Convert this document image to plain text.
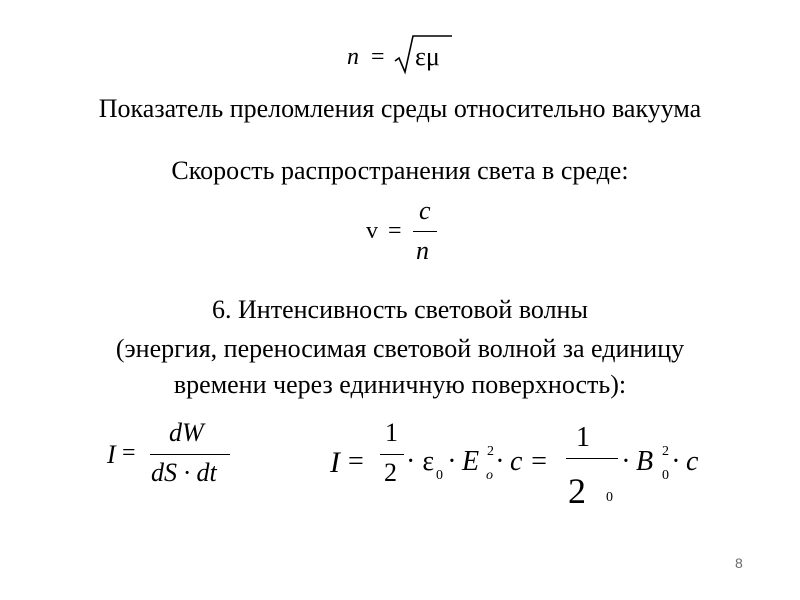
n = εμ
Показатель преломления среды относительно вакуума
Скорость распространения света в среде:
v =
c
n
6. Интенсивность световой волны
(энергия, переносимая световой волной за единицу
времени через единичную поверхность):
I =
dW
dS · dt	I =
1
2 · ε 0 · E o
2 · c =
1
2 0
· B 0
2 · c
8
